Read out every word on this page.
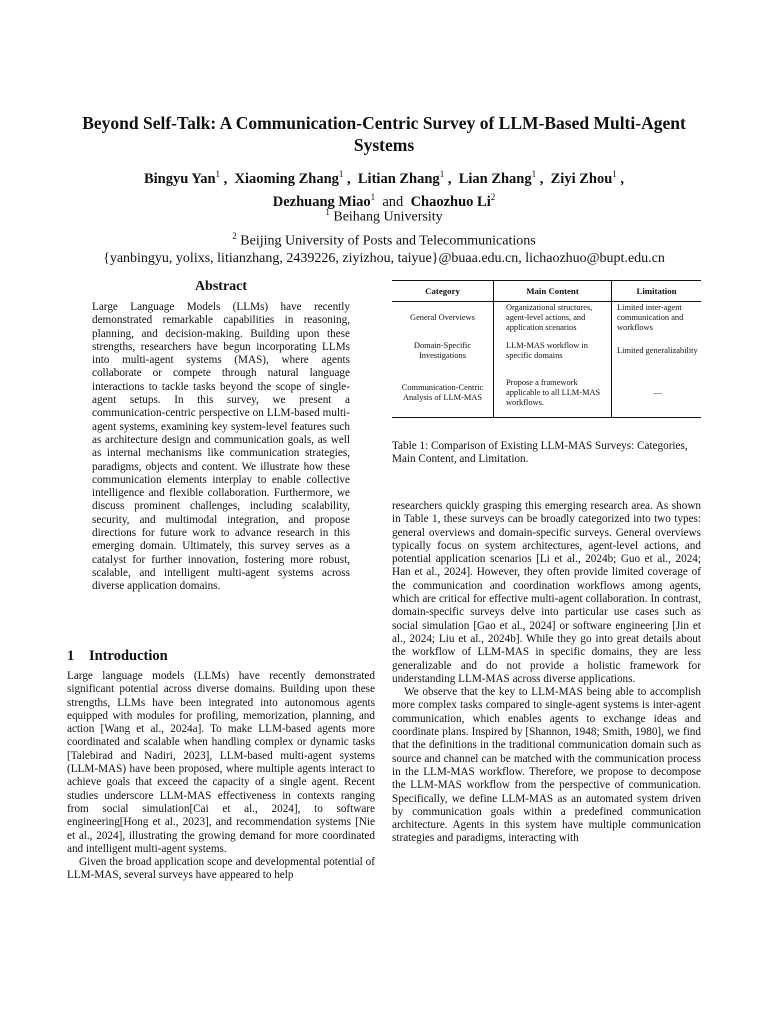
Beyond Self-Talk: A Communication-Centric Survey of LLM-Based Multi-Agent Systems
Bingyu Yan$^1$ ,  Xiaoming Zhang$^1$ ,  Litian Zhang$^1$ ,  Lian Zhang$^1$ ,  Ziyi Zhou$^1$ ,
Dezhuang Miao$^1$ and Chaozhuo Li$^2$
$^1$ Beihang University
$^2$ Beijing University of Posts and Telecommunications
{yanbingyu, yolixs, litianzhang, 2439226, ziyizhou, taiyue}@buaa.edu.cn, lichaozhuo@bupt.edu.cn
Abstract
Large Language Models (LLMs) have recently demonstrated remarkable capabilities in reasoning, planning, and decision-making. Building upon these strengths, researchers have begun incorporating LLMs into multi-agent systems (MAS), where agents collaborate or compete through natural language interactions to tackle tasks beyond the scope of single-agent setups. In this survey, we present a communication-centric perspective on LLM-based multi-agent systems, examining key system-level features such as architecture design and communication goals, as well as internal mechanisms like communication strategies, paradigms, objects and content. We illustrate how these communication elements interplay to enable collective intelligence and flexible collaboration. Furthermore, we discuss prominent challenges, including scalability, security, and multimodal integration, and propose directions for future work to advance research in this emerging domain. Ultimately, this survey serves as a catalyst for further innovation, fostering more robust, scalable, and intelligent multi-agent systems across diverse application domains.
1 Introduction

Large language models (LLMs) have recently demonstrated significant potential across diverse domains. Building upon these strengths, LLMs have been integrated into autonomous agents equipped with modules for profiling, memorization, planning, and action [Wang et al., 2024a]. To make LLM-based agents more coordinated and scalable when handling complex or dynamic tasks [Talebirad and Nadiri, 2023], LLM-based multi-agent systems (LLM-MAS) have been proposed, where multiple agents interact to achieve goals that exceed the capacity of a single agent. Recent studies underscore LLM-MAS effectiveness in contexts ranging from social simulation[Cai et al., 2024], to software engineering[Hong et al., 2023], and recommendation systems [Nie et al., 2024], illustrating the growing demand for more coordinated and intelligent multi-agent systems.

Given the broad application scope and developmental potential of LLM-MAS, several surveys have appeared to help

Category	Main Content	Limitation
General Overviews	Organizational structures, agent-level actions, and application scenarios	Limited inter-agent communication and workflows
Domain-Specific Investigations	LLM-MAS workflow in specific domains	Limited generalizability
Communication-Centric Analysis of LLM-MAS	Propose a framework applicable to all LLM-MAS workflows.	—
Table 1: Comparison of Existing LLM-MAS Surveys: Categories, Main Content, and Limitation.

researchers quickly grasping this emerging research area. As shown in Table 1, these surveys can be broadly categorized into two types: general overviews and domain-specific surveys. General overviews typically focus on system architectures, agent-level actions, and potential application scenarios [Li et al., 2024b; Guo et al., 2024; Han et al., 2024]. However, they often provide limited coverage of the communication and coordination workflows among agents, which are critical for effective multi-agent collaboration. In contrast, domain-specific surveys delve into particular use cases such as social simulation [Gao et al., 2024] or software engineering [Jin et al., 2024; Liu et al., 2024b]. While they go into great details about the workflow of LLM-MAS in specific domains, they are less generalizable and do not provide a holistic framework for understanding LLM-MAS across diverse applications.

We observe that the key to LLM-MAS being able to accomplish more complex tasks compared to single-agent systems is inter-agent communication, which enables agents to exchange ideas and coordinate plans. Inspired by [Shannon, 1948; Smith, 1980], we find that the definitions in the traditional communication domain such as source and channel can be matched with the communication process in the LLM-MAS workflow. Therefore, we propose to decompose the LLM-MAS workflow from the perspective of communication. Specifically, we define LLM-MAS as an automated system driven by communication goals within a predefined communication architecture. Agents in this system have multiple communication strategies and paradigms, interacting with
